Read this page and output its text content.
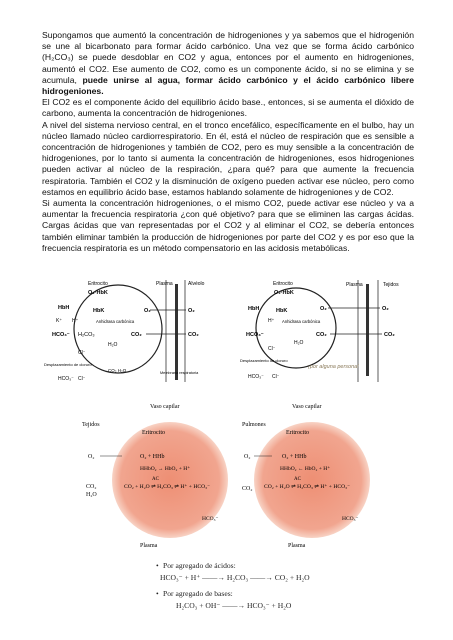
Supongamos que aumentó la concentración de hidrogeniones y ya sabemos que el hidrogenión se une al bicarbonato para formar ácido carbónico. Una vez que se forma ácido carbónico (H₂CO₃) se puede desdoblar en CO2 y agua, entonces por el aumento en hidrogeniones, aumentó el CO2. Ese aumento de CO2, como es un componente ácido, si no se elimina y se acumula, puede unirse al agua, formar ácido carbónico y el ácido carbónico libere hidrogeniones.

El CO2 es el componente ácido del equilibrio ácido base., entonces, si se aumenta el dióxido de carbono, aumenta la concentración de hidrogeniones.

A nivel del sistema nervioso central, en el tronco encefálico, específicamente en el bulbo, hay un núcleo llamado núcleo cardiorrespiratorio. En él, está el núcleo de respiración que es sensible a concentración de hidrogeniones y también de CO2, pero es muy sensible a la concentración de hidrogeniones, por lo tanto si aumenta la concentración de hidrogeniones, esos hidrogeniones pueden activar al núcleo de la respiración, ¿para qué? para que aumente la frecuencia respiratoria. También el CO2 y la disminución de oxígeno pueden activar ese núcleo, pero como estamos en equilibrio ácido base, estamos hablando solamente de hidrogeniones y de CO2.

Si aumenta la concentración hidrogeniones, o el mismo CO2, puede activar ese núcleo y va a aumentar la frecuencia respiratoria ¿con qué objetivo? para que se eliminen las cargas ácidas. Cargas ácidas que van representadas por el CO2 y al eliminar el CO2, se debería entonces también eliminar también la producción de hidrogeniones por parte del CO2 y es por eso que la frecuencia respiratoria es un método compensatorio en las acidosis metabólicas.

Eritrocito	Plasma	Alvéolo
O₂·HbK
HbH	HbK	O₂	O₂
K⁺ H⁺	Anhidrasa carbónica
HCO₃⁻ H₂CO₃	CO₂	CO₂
H₂O
Cl⁻
Desplazamiento de cloruro
HCO₃⁻ Cl⁻
CO₂ H₂O	Membrana respiratoria
Eritrocito	Plasma	Tejidos
O₂·HbK
HbH	HbK	O₂	O₂
H⁺ Anhidrasa carbónica
HCO₃⁻	CO₂	CO₂
H₂O
Cl⁻
Desplazamiento de cloruro
HCO₃⁻ Cl⁻
¡por alguna persona!
Vaso capilar
Tejidos
Eritrocito
O₂	O₂ + HHb
HHbO₂ → HbO₂ + H⁺
AC
CO₂ + H₂O ⇌ H₂CO₃ ⇌ H⁺ + HCO₃⁻
CO₂
H₂O
HCO₃⁻
Plasma
Pulmones
Vaso capilar
Eritrocito
O₂	O₂ + HHb
HHbO₂ ← HbO₂ + H⁺
AC
CO₂ + H₂O ⇌ H₂CO₃ ⇌ H⁺ + HCO₃⁻
CO₂
HCO₃⁻
Plasma
• Por agregado de ácidos:
HCO₃⁻ + H⁺ ——→ H₂CO₃ ——→ CO₂ + H₂O
• Por agregado de bases:
H₂CO₃ + OH⁻ ——→ HCO₃⁻ + H₂O
